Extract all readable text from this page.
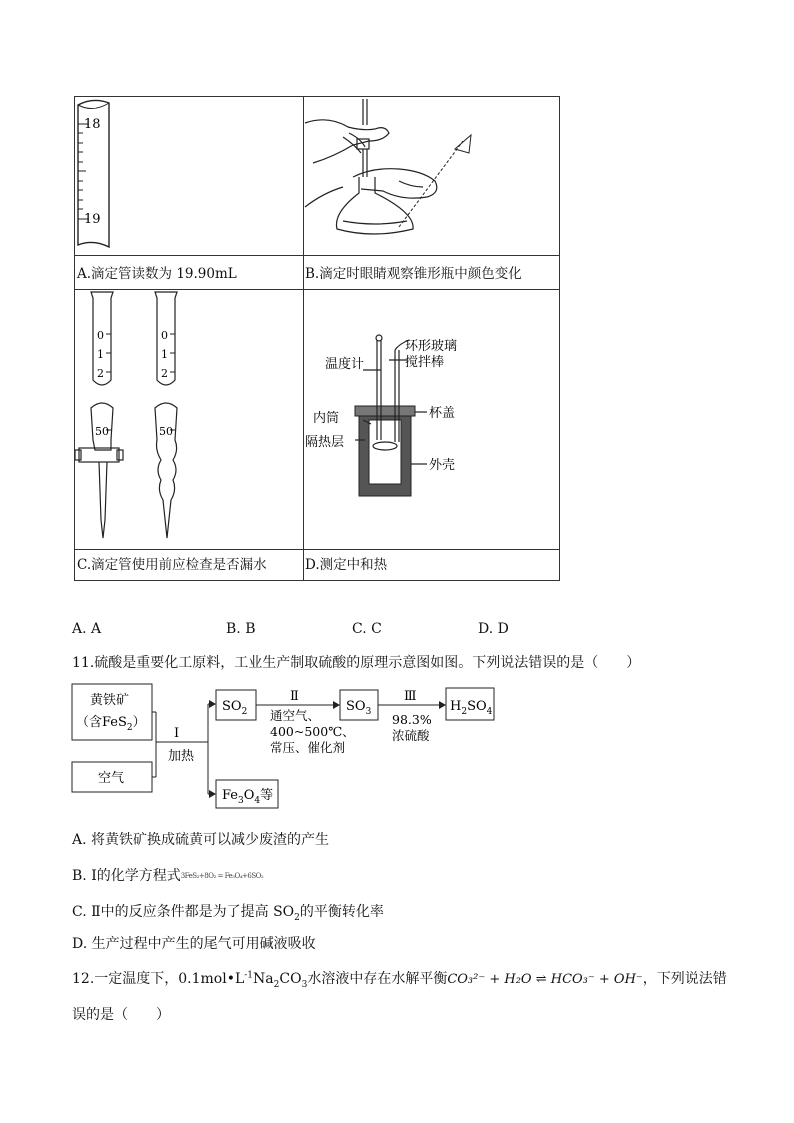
18
19
0
1
2
0
1
2
50	50
环形玻璃
搅拌棒
温度计
杯盖
内筒
隔热层
外壳
A.滴定管读数为 19.90mL	B.滴定时眼睛观察锥形瓶中颜色变化
C.滴定管使用前应检查是否漏水	D.测定中和热
A. A	B. B	C. C	D. D
11.硫酸是重要化工原料，工业生产制取硫酸的原理示意图如图。下列说法错误的是（　　）
黄铁矿
（含FeS$_2$）
空气
I
加热
$SO_2$
Ⅱ
通空气、
400~500℃、
常压、催化剂
$SO_3$
Ⅲ
98.3%
浓硫酸
$H_2SO_4$
$Fe_3O_4$等
A. 将黄铁矿换成硫黄可以减少废渣的产生
B. I的化学方程式3FeS₂+8O₂ = Fe₃O₄+6SO₂
C. Ⅱ中的反应条件都是为了提高 $SO_2$的平衡转化率
D. 生产过程中产生的尾气可用碱液吸收
12.一定温度下，$0.1mol•L^{-1}Na_2CO_3$水溶液中存在水解平衡CO₃²⁻ + H₂O ⇌ HCO₃⁻ + OH⁻，下列说法错
误的是（　　）
